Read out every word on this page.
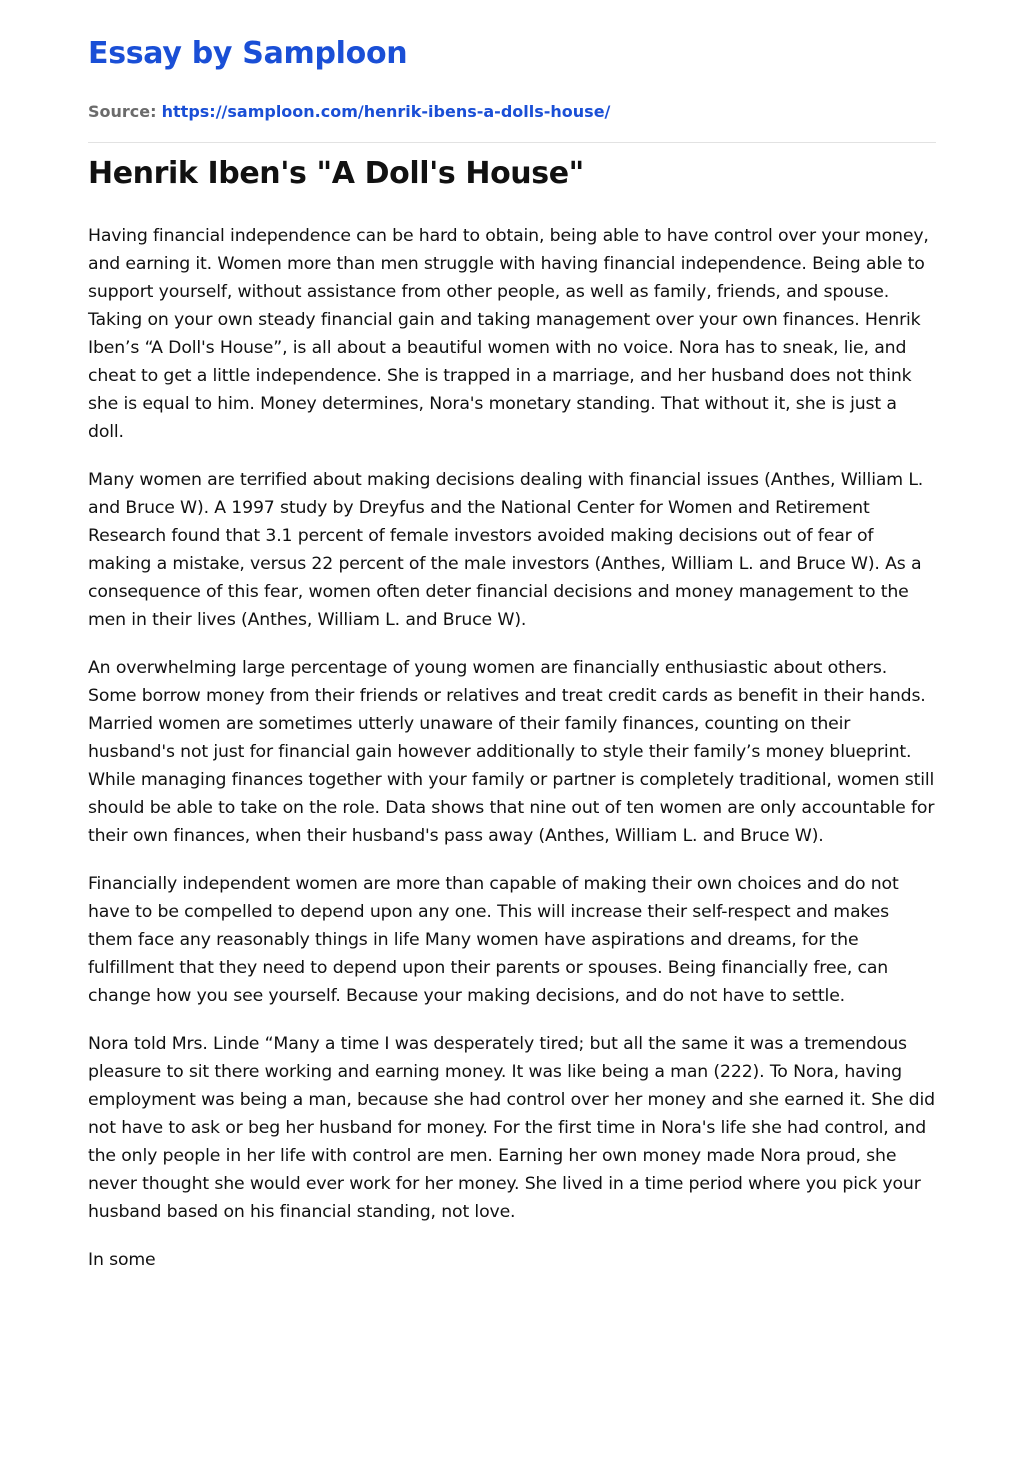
Essay by Samploon
Source: https://samploon.com/henrik-ibens-a-dolls-house/
Henrik Iben's "A Doll's House"

Having financial independence can be hard to obtain, being able to have control over your money, and earning it. Women more than men struggle with having financial independence. Being able to support yourself, without assistance from other people, as well as family, friends, and spouse. Taking on your own steady financial gain and taking management over your own finances. Henrik Iben’s “A Doll's House”, is all about a beautiful women with no voice. Nora has to sneak, lie, and cheat to get a little independence. She is trapped in a marriage, and her husband does not think she is equal to him. Money determines, Nora's monetary standing. That without it, she is just a doll.

Many women are terrified about making decisions dealing with financial issues (Anthes, William L. and Bruce W). A 1997 study by Dreyfus and the National Center for Women and Retirement Research found that 3.1 percent of female investors avoided making decisions out of fear of making a mistake, versus 22 percent of the male investors (Anthes, William L. and Bruce W). As a consequence of this fear, women often deter financial decisions and money management to the men in their lives (Anthes, William L. and Bruce W).

An overwhelming large percentage of young women are financially enthusiastic about others. Some borrow money from their friends or relatives and treat credit cards as benefit in their hands. Married women are sometimes utterly unaware of their family finances, counting on their husband's not just for financial gain however additionally to style their family’s money blueprint. While managing finances together with your family or partner is completely traditional, women still should be able to take on the role. Data shows that nine out of ten women are only accountable for their own finances, when their husband's pass away (Anthes, William L. and Bruce W).

Financially independent women are more than capable of making their own choices and do not have to be compelled to depend upon any one. This will increase their self-respect and makes them face any reasonably things in life Many women have aspirations and dreams, for the fulfillment that they need to depend upon their parents or spouses. Being financially free, can change how you see yourself. Because your making decisions, and do not have to settle.

Nora told Mrs. Linde “Many a time I was desperately tired; but all the same it was a tremendous pleasure to sit there working and earning money. It was like being a man (222). To Nora, having employment was being a man, because she had control over her money and she earned it. She did not have to ask or beg her husband for money. For the first time in Nora's life she had control, and the only people in her life with control are men. Earning her own money made Nora proud, she never thought she would ever work for her money. She lived in a time period where you pick your husband based on his financial standing, not love.

In some
